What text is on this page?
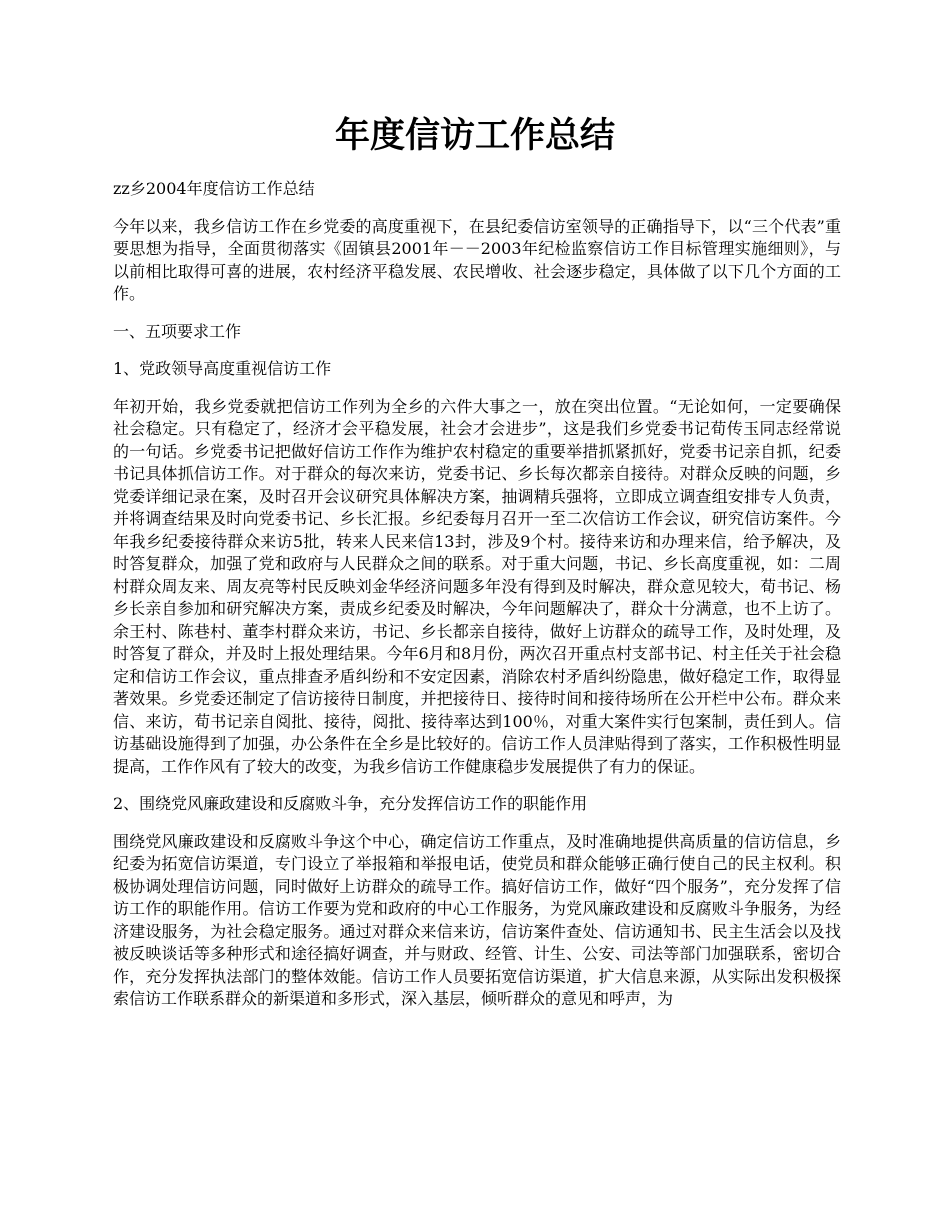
年度信访工作总结

zz乡2004年度信访工作总结

今年以来，我乡信访工作在乡党委的高度重视下，在县纪委信访室领导的正确指导下，以“三个代表”重要思想为指导，全面贯彻落实《固镇县2001年－－2003年纪检监察信访工作目标管理实施细则》，与以前相比取得可喜的进展，农村经济平稳发展、农民增收、社会逐步稳定，具体做了以下几个方面的工作。

一、五项要求工作

1、党政领导高度重视信访工作

年初开始，我乡党委就把信访工作列为全乡的六件大事之一，放在突出位置。“无论如何，一定要确保社会稳定。只有稳定了，经济才会平稳发展，社会才会进步”，这是我们乡党委书记荀传玉同志经常说的一句话。乡党委书记把做好信访工作作为维护农村稳定的重要举措抓紧抓好，党委书记亲自抓，纪委书记具体抓信访工作。对于群众的每次来访，党委书记、乡长每次都亲自接待。对群众反映的问题，乡党委详细记录在案，及时召开会议研究具体解决方案，抽调精兵强将，立即成立调查组安排专人负责，并将调查结果及时向党委书记、乡长汇报。乡纪委每月召开一至二次信访工作会议，研究信访案件。今年我乡纪委接待群众来访5批，转来人民来信13封，涉及9个村。接待来访和办理来信，给予解决，及时答复群众，加强了党和政府与人民群众之间的联系。对于重大问题，书记、乡长高度重视，如：二周村群众周友来、周友亮等村民反映刘金华经济问题多年没有得到及时解决，群众意见较大，荀书记、杨乡长亲自参加和研究解决方案，责成乡纪委及时解决，今年问题解决了，群众十分满意，也不上访了。余王村、陈巷村、董李村群众来访，书记、乡长都亲自接待，做好上访群众的疏导工作，及时处理，及时答复了群众，并及时上报处理结果。今年6月和8月份，两次召开重点村支部书记、村主任关于社会稳定和信访工作会议，重点排查矛盾纠纷和不安定因素，消除农村矛盾纠纷隐患，做好稳定工作，取得显著效果。乡党委还制定了信访接待日制度，并把接待日、接待时间和接待场所在公开栏中公布。群众来信、来访，荀书记亲自阅批、接待，阅批、接待率达到100％，对重大案件实行包案制，责任到人。信访基础设施得到了加强，办公条件在全乡是比较好的。信访工作人员津贴得到了落实，工作积极性明显提高，工作作风有了较大的改变，为我乡信访工作健康稳步发展提供了有力的保证。

2、围绕党风廉政建设和反腐败斗争，充分发挥信访工作的职能作用

围绕党风廉政建设和反腐败斗争这个中心，确定信访工作重点，及时准确地提供高质量的信访信息，乡纪委为拓宽信访渠道，专门设立了举报箱和举报电话，使党员和群众能够正确行使自己的民主权利。积极协调处理信访问题，同时做好上访群众的疏导工作。搞好信访工作，做好“四个服务”，充分发挥了信访工作的职能作用。信访工作要为党和政府的中心工作服务，为党风廉政建设和反腐败斗争服务，为经济建设服务，为社会稳定服务。通过对群众来信来访，信访案件查处、信访通知书、民主生活会以及找被反映谈话等多种形式和途径搞好调查，并与财政、经管、计生、公安、司法等部门加强联系，密切合作，充分发挥执法部门的整体效能。信访工作人员要拓宽信访渠道，扩大信息来源，从实际出发积极探索信访工作联系群众的新渠道和多形式，深入基层，倾听群众的意见和呼声，为
